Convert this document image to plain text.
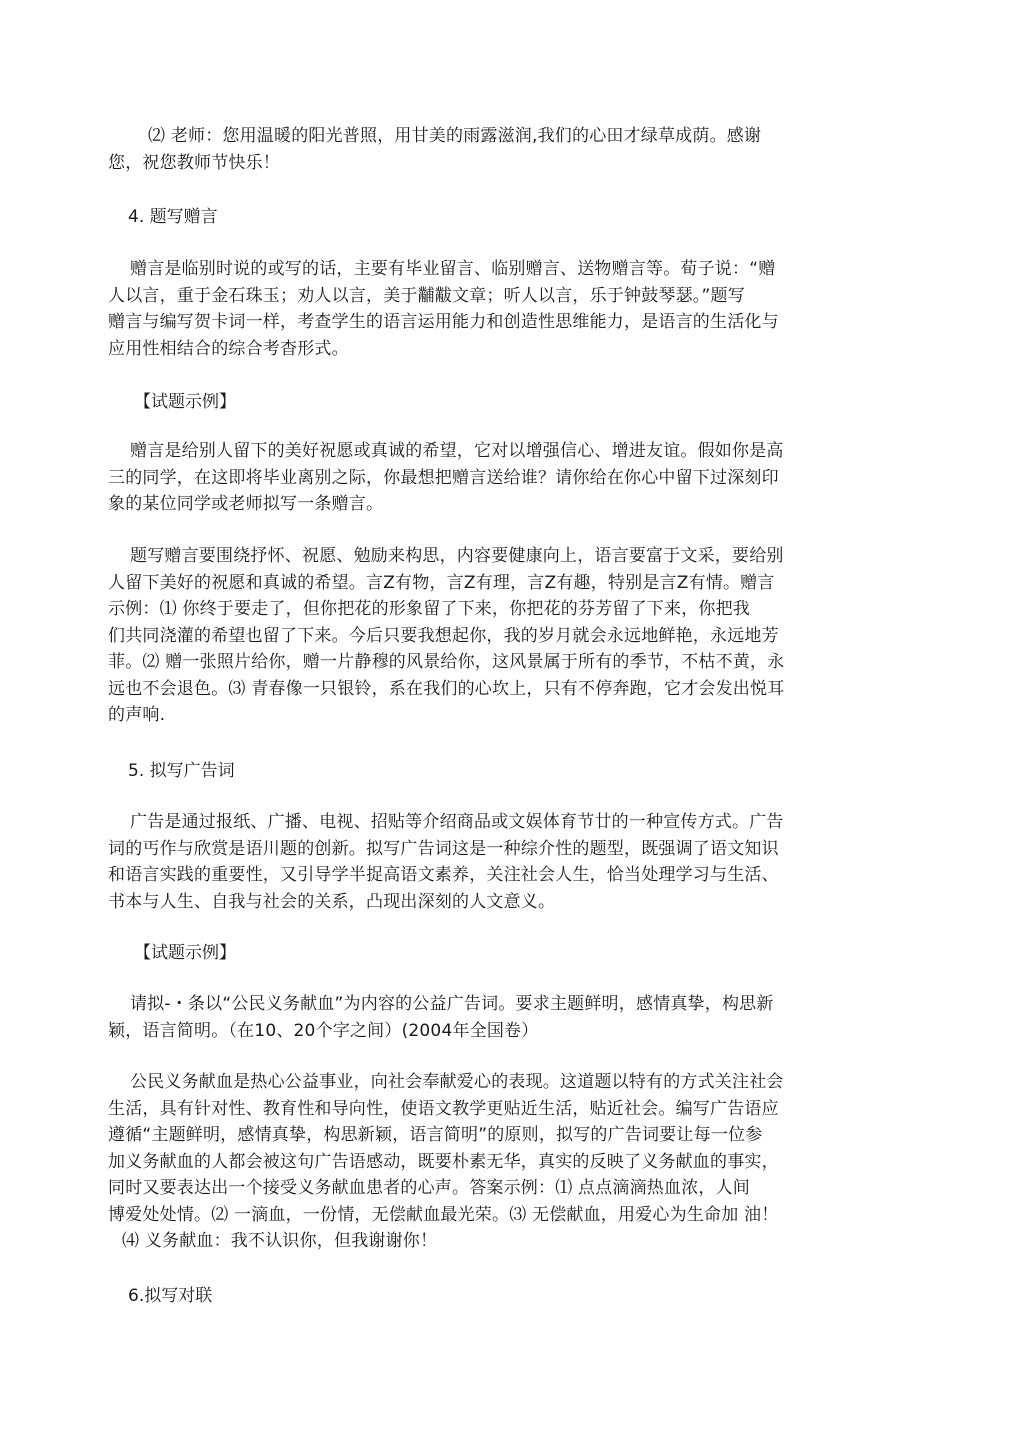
⑵ 老师：您用温暖的阳光普照，用甘美的雨露滋润,我们的心田才绿草成荫。感谢
您，祝您教师节快乐！
4. 题写赠言
赠言是临别时说的或写的话，主要有毕业留言、临别赠言、送物赠言等。荀子说：“赠
人以言，重于金石珠玉；劝人以言，美于黼黻文章；听人以言，乐于钟鼓琴瑟。”题写
赠言与编写贺卡词一样，考查学生的语言运用能力和创造性思维能力，是语言的生活化与
应用性相结合的综合考杳形式。
【试题示例】
赠言是给别人留下的美好祝愿或真诚的希望，它对以增强信心、增进友谊。假如你是高
三的同学，在这即将毕业离别之际，你最想把赠言送给谁？请你给在你心中留下过深刻印
象的某位同学或老师拟写一条赠言。
题写赠言要围绕抒怀、祝愿、勉励来构思，内容要健康向上，语言要富于文采，要给别
人留下美好的祝愿和真诚的希望。言Z有物，言Z有理，言Z有趣，特别是言Z有情。赠言
示例：⑴ 你终于要走了，但你把花的形象留了下来，你把花的芬芳留了下来，你把我
们共同浇灌的希望也留了下来。今后只要我想起你，我的岁月就会永远地鲜艳，永远地芳
菲。⑵ 赠一张照片给你，赠一片静穆的风景给你，这风景属于所有的季节，不枯不黄，永
远也不会退色。⑶ 青春像一只银铃，系在我们的心坎上，只有不停奔跑，它才会发出悦耳
的声响.
5. 拟写广告词
广告是通过报纸、广播、电视、招贴等介绍商品或文娱体育节廿的一种宣传方式。广告
词的丐作与欣赏是语川题的创新。拟写广告词这是一种综介性的题型，既强调了语文知识
和语言实践的重要性，又引导学半捉高语文素养，关注社会人生，恰当处理学习与生活、
书本与人生、自我与社会的关系，凸现出深刻的人文意义。
【试题示例】
请拟-・条以“公民义务献血”为内容的公益广告词。要求主题鲜明，感情真挚，构思新
颖，语言简明。（在10、20个字之间）(2004年全国卷）
公民义务献血是热心公益事业，向社会奉献爱心的表现。这道题以特有的方式关注社会
生活，具有针对性、教育性和导向性，使语文教学更贴近生活，贴近社会。编写广告语应
遵循“主题鲜明，感情真挚，构思新颖，语言简明”的原则，拟写的广告词要让每一位参
加义务献血的人都会被这句广告语感动，既要朴素无华，真实的反映了义务献血的事实，
同时又要表达出一个接受义务献血患者的心声。答案示例：⑴ 点点滴滴热血浓，人间
博爱处处情。⑵ 一滴血，一份情，无偿献血最光荣。⑶ 无偿献血，用爱心为生命加 油！
⑷ 义务献血：我不认识你，但我谢谢你！
6.拟写对联
